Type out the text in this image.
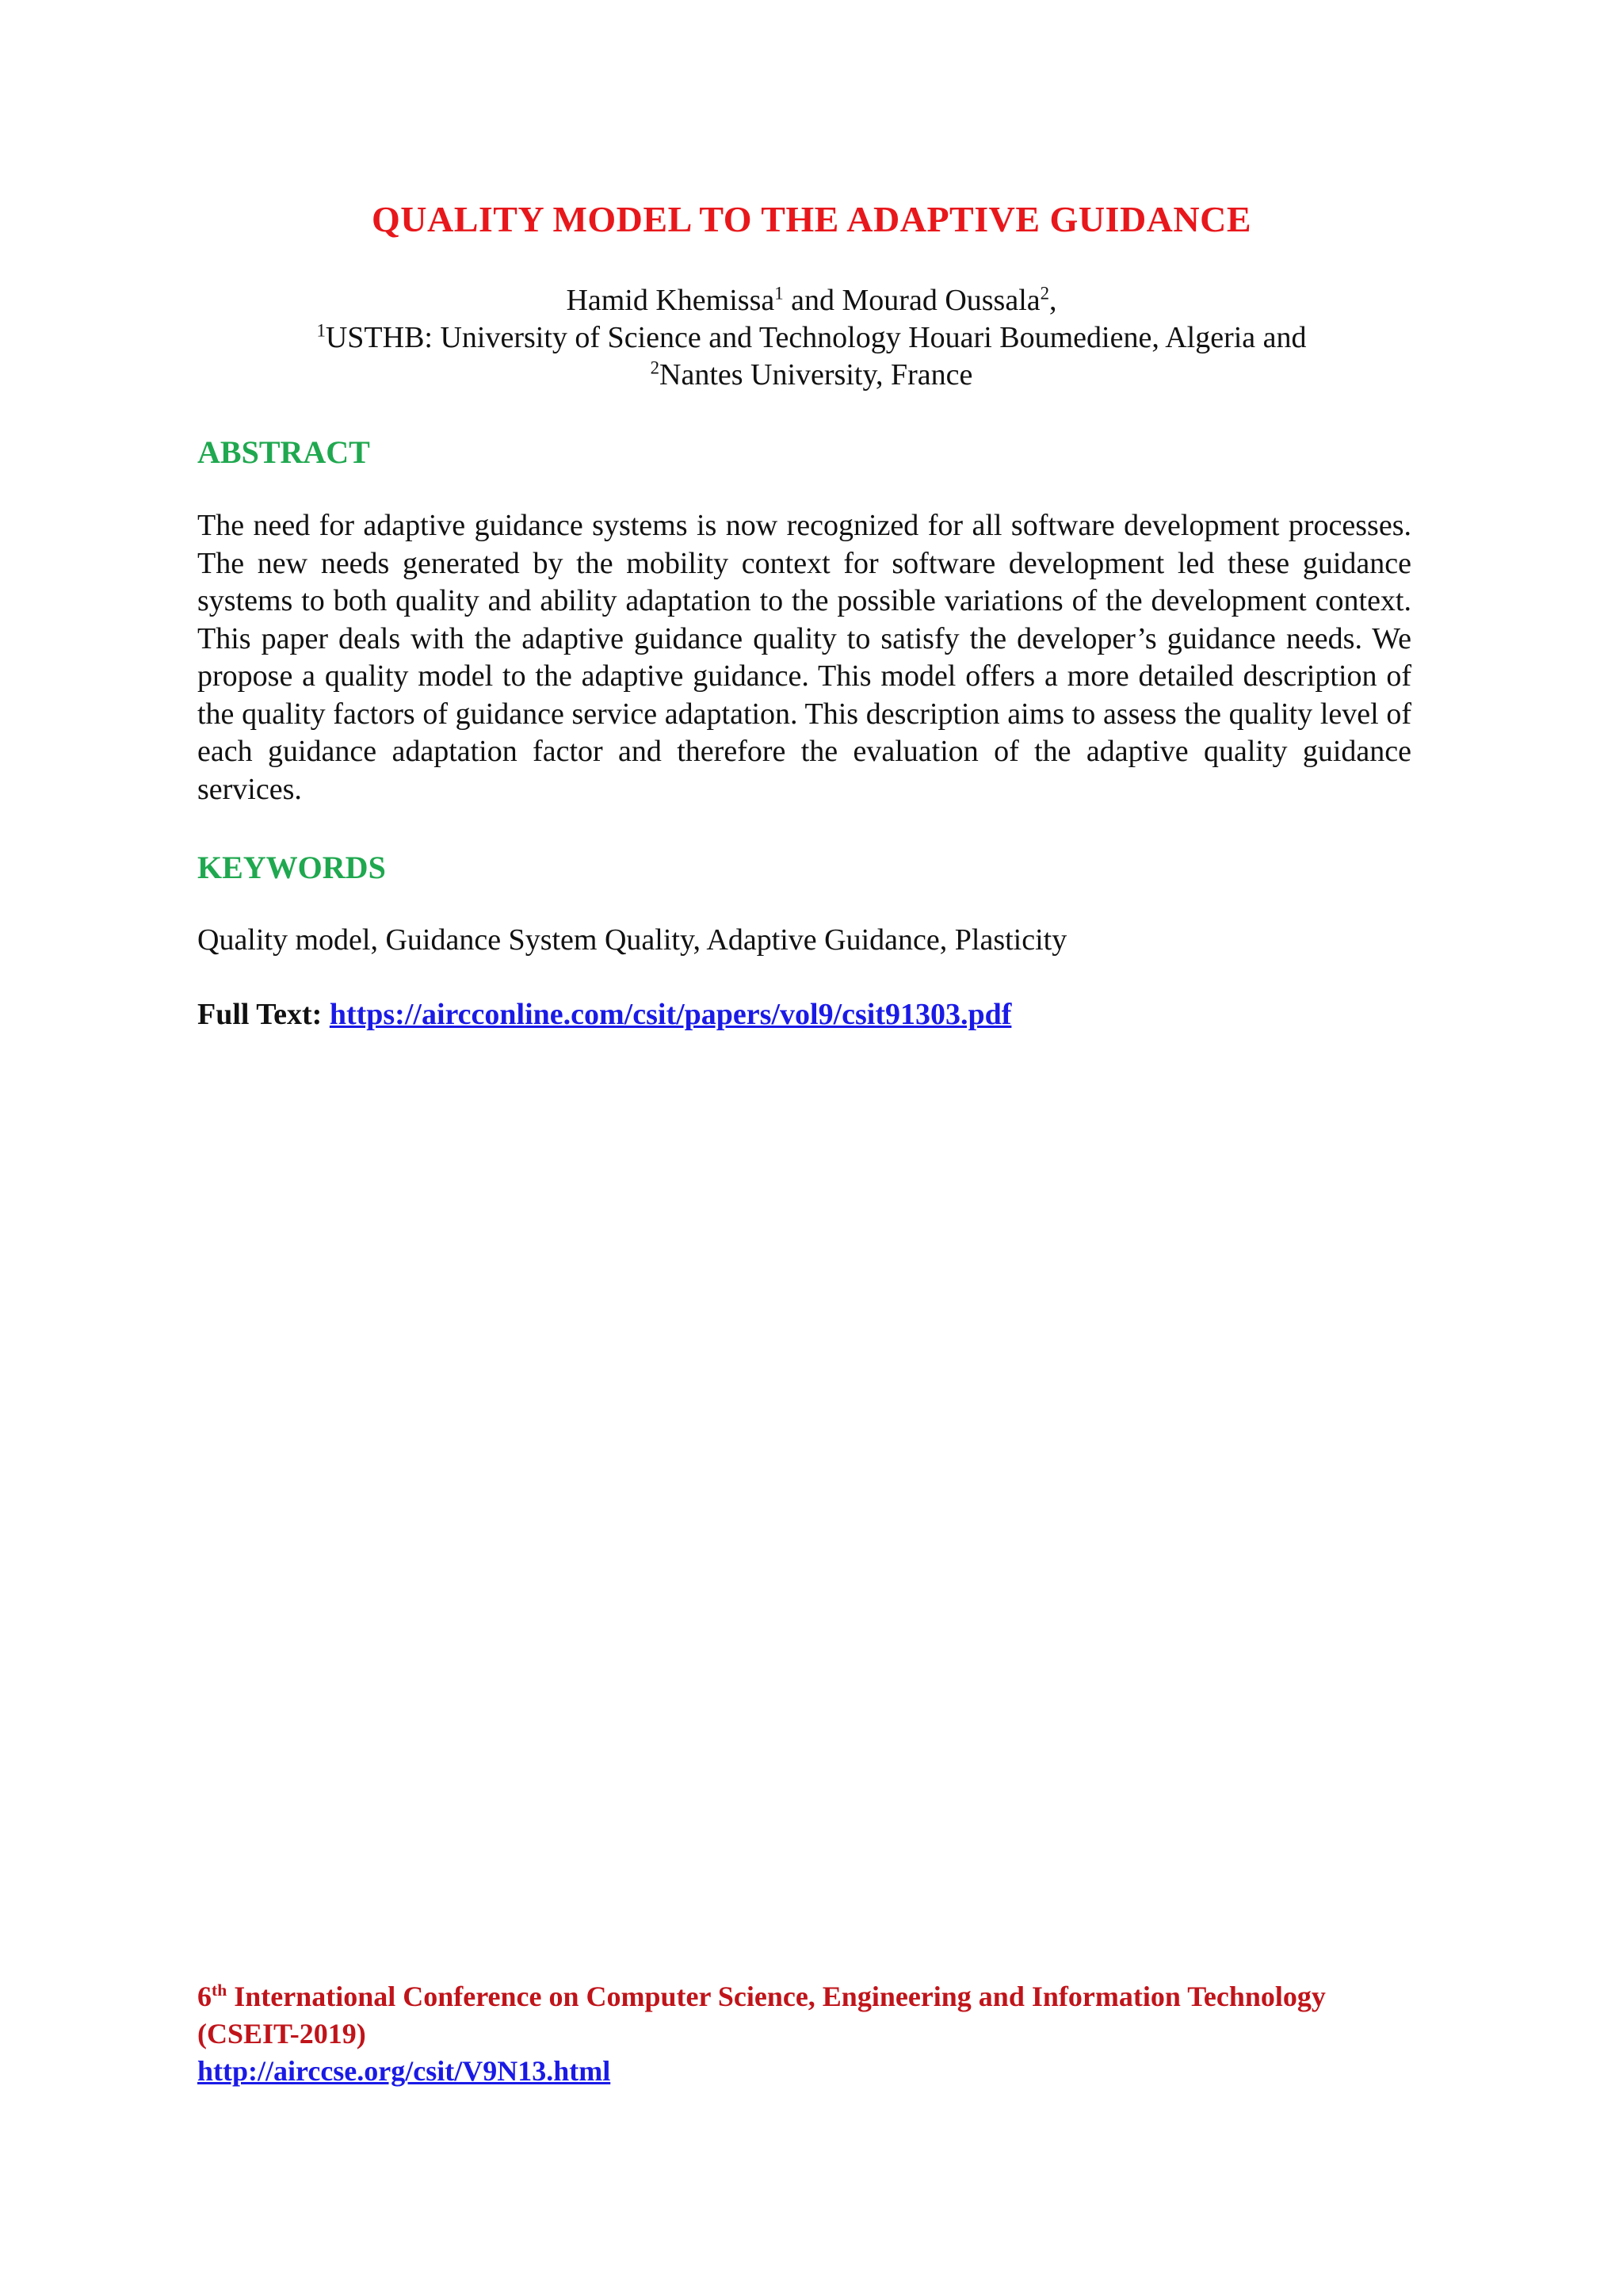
QUALITY MODEL TO THE ADAPTIVE GUIDANCE
Hamid Khemissa$^1$ and Mourad Oussala$^2$,
$^1$USTHB: University of Science and Technology Houari Boumediene, Algeria and
$^2$Nantes University, France
ABSTRACT

The need for adaptive guidance systems is now recognized for all software development processes. The new needs generated by the mobility context for software development led these guidance systems to both quality and ability adaptation to the possible variations of the development context. This paper deals with the adaptive guidance quality to satisfy the developer’s guidance needs. We propose a quality model to the adaptive guidance. This model offers a more detailed description of the quality factors of guidance service adaptation. This description aims to assess the quality level of each guidance adaptation factor and therefore the evaluation of the adaptive quality guidance services.

KEYWORDS

Quality model, Guidance System Quality, Adaptive Guidance, Plasticity

Full Text: https://aircconline.com/csit/papers/vol9/csit91303.pdf
6th International Conference on Computer Science, Engineering and Information Technology (CSEIT-2019)
http://airccse.org/csit/V9N13.html
